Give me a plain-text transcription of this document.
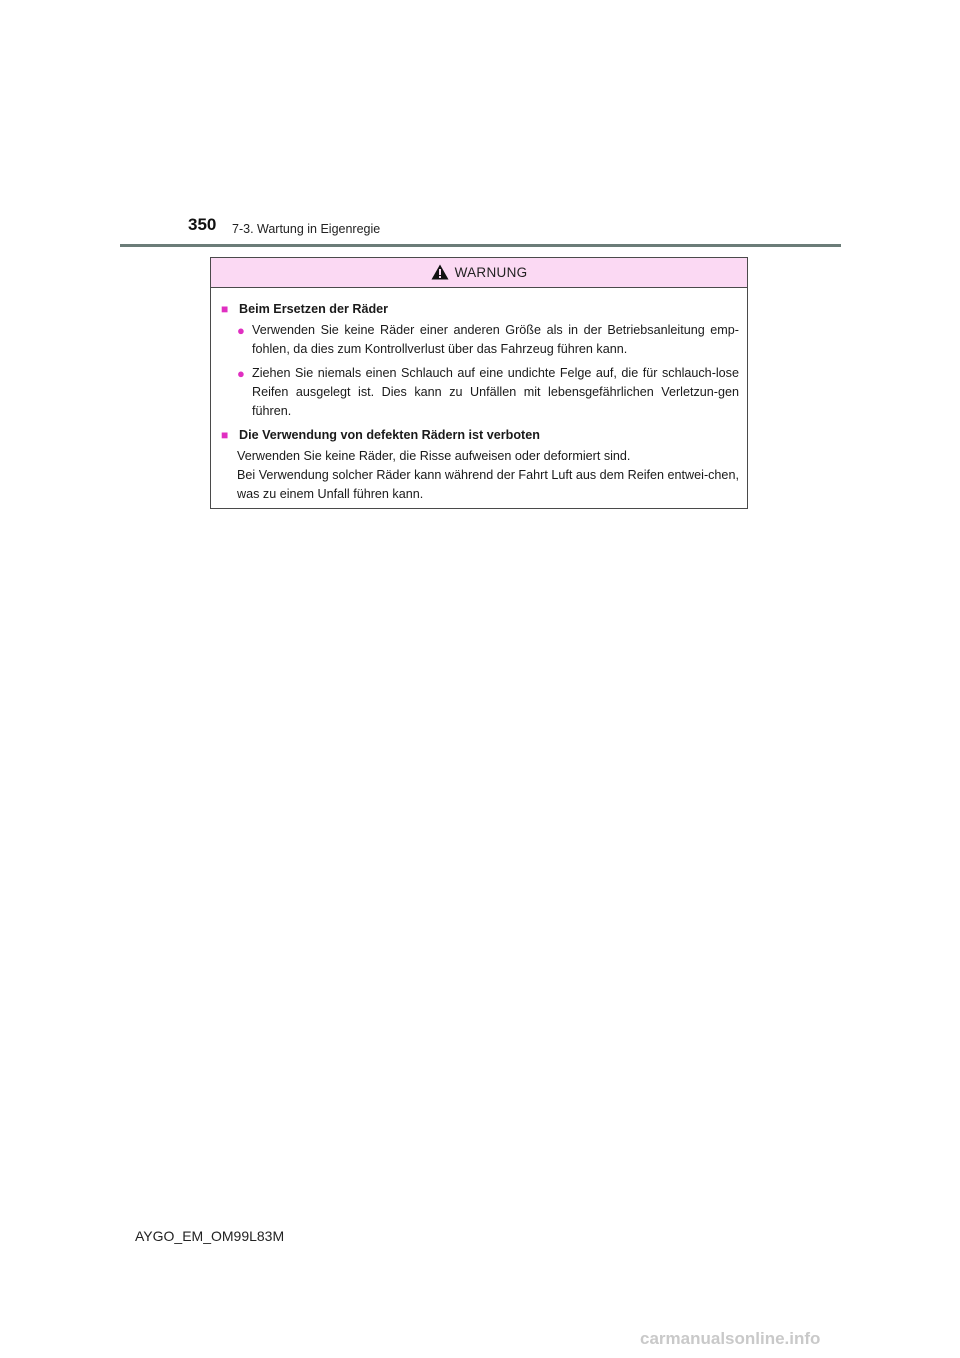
350 7-3. Wartung in Eigenregie
WARNUNG
■ Beim Ersetzen der Räder
● Verwenden Sie keine Räder einer anderen Größe als in der Betriebsanleitung emp-fohlen, da dies zum Kontrollverlust über das Fahrzeug führen kann.
● Ziehen Sie niemals einen Schlauch auf eine undichte Felge auf, die für schlauch-lose Reifen ausgelegt ist. Dies kann zu Unfällen mit lebensgefährlichen Verletzun-gen führen.
■ Die Verwendung von defekten Rädern ist verboten
Verwenden Sie keine Räder, die Risse aufweisen oder deformiert sind.
Bei Verwendung solcher Räder kann während der Fahrt Luft aus dem Reifen entwei-chen, was zu einem Unfall führen kann.
AYGO_EM_OM99L83M
carmanualsonline.info
